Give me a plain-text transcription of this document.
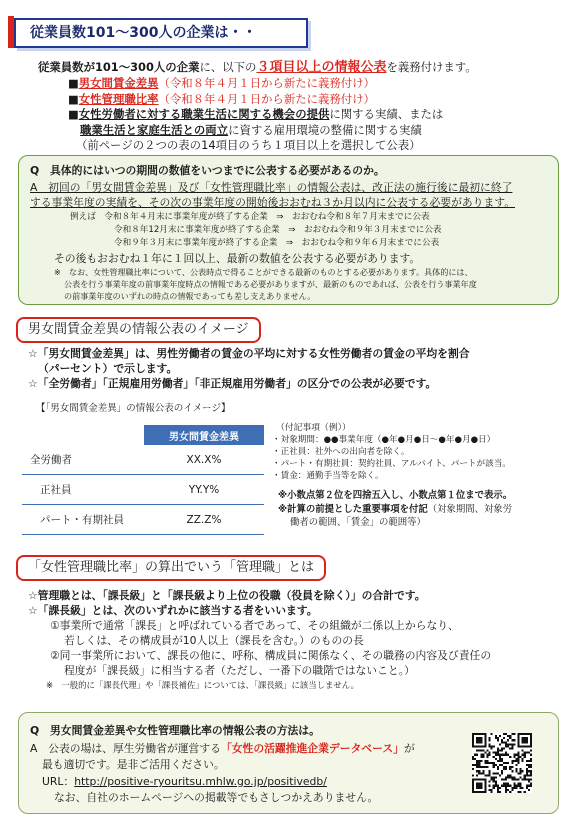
従業員数101～300人の企業は・・
従業員数が101～300人の企業に、以下の３項目以上の情報公表を義務付けます。
■男女間賃金差異（令和８年４月１日から新たに義務付け）
■女性管理職比率（令和８年４月１日から新たに義務付け）
■女性労働者に対する職業生活に関する機会の提供に関する実績、または
職業生活と家庭生活との両立に資する雇用環境の整備に関する実績
（前ページの２つの表の14項目のうち１項目以上を選択して公表）
Q　具体的にはいつの期間の数値をいつまでに公表する必要があるのか。
A　初回の「男女間賃金差異」及び「女性管理職比率」の情報公表は、改正法の施行後に最初に終了
する事業年度の実績を、その次の事業年度の開始後おおむね３か月以内に公表する必要があります。
例えば　令和８年４月末に事業年度が終了する企業　⇒　おおむね令和８年７月末までに公表
令和８年12月末に事業年度が終了する企業　⇒　おおむね令和９年３月末までに公表
令和９年３月末に事業年度が終了する企業　⇒　おおむね令和９年６月末までに公表
その後もおおむね１年に１回以上、最新の数値を公表する必要があります。
※　なお、女性管理職比率について、公表時点で得ることができる最新のものとする必要があります。具体的には、
公表を行う事業年度の前事業年度時点の情報である必要がありますが、最新のものであれば、公表を行う事業年度
の前事業年度のいずれの時点の情報であっても差し支えありません。
男女間賃金差異の情報公表のイメージ
☆「男女間賃金差異」は、男性労働者の賃金の平均に対する女性労働者の賃金の平均を割合
（パーセント）で示します。
☆「全労働者」「正規雇用労働者」「非正規雇用労働者」の区分での公表が必要です。
【「男女間賃金差異」の情報公表のイメージ】
	男女間賃金差異
全労働者	XX.X%
正社員	YY.Y%
パート・有期社員	ZZ.Z%
（付記事項（例））
・対象期間：●●事業年度（●年●月●日～●年●月●日）
・正社員：社外への出向者を除く。
・パート・有期社員：契約社員、アルバイト、パートが該当。
・賃金：通勤手当等を除く。
※小数点第２位を四捨五入し、小数点第１位まで表示。
※計算の前提とした重要事項を付記（対象期間、対象労
働者の範囲、「賃金」の範囲等）
「女性管理職比率」の算出でいう「管理職」とは
☆管理職とは、「課長級」と「課長級より上位の役職（役員を除く）」の合計です。
☆「課長級」とは、次のいずれかに該当する者をいいます。
①事業所で通常「課長」と呼ばれている者であって、その組織が二係以上からなり、
若しくは、その構成員が10人以上（課長を含む。）のものの長
②同一事業所において、課長の他に、呼称、構成員に関係なく、その職務の内容及び責任の
程度が「課長級」に相当する者（ただし、一番下の職階ではないこと。）
※　一般的に「課長代理」や「課長補佐」については、「課長級」に該当しません。
Q　男女間賃金差異や女性管理職比率の情報公表の方法は。
A　公表の場は、厚生労働省が運営する「女性の活躍推進企業データベース」が
最も適切です。是非ご活用ください。
URL：http://positive-ryouritsu.mhlw.go.jp/positivedb/
なお、自社のホームページへの掲載等でもさしつかえありません。
